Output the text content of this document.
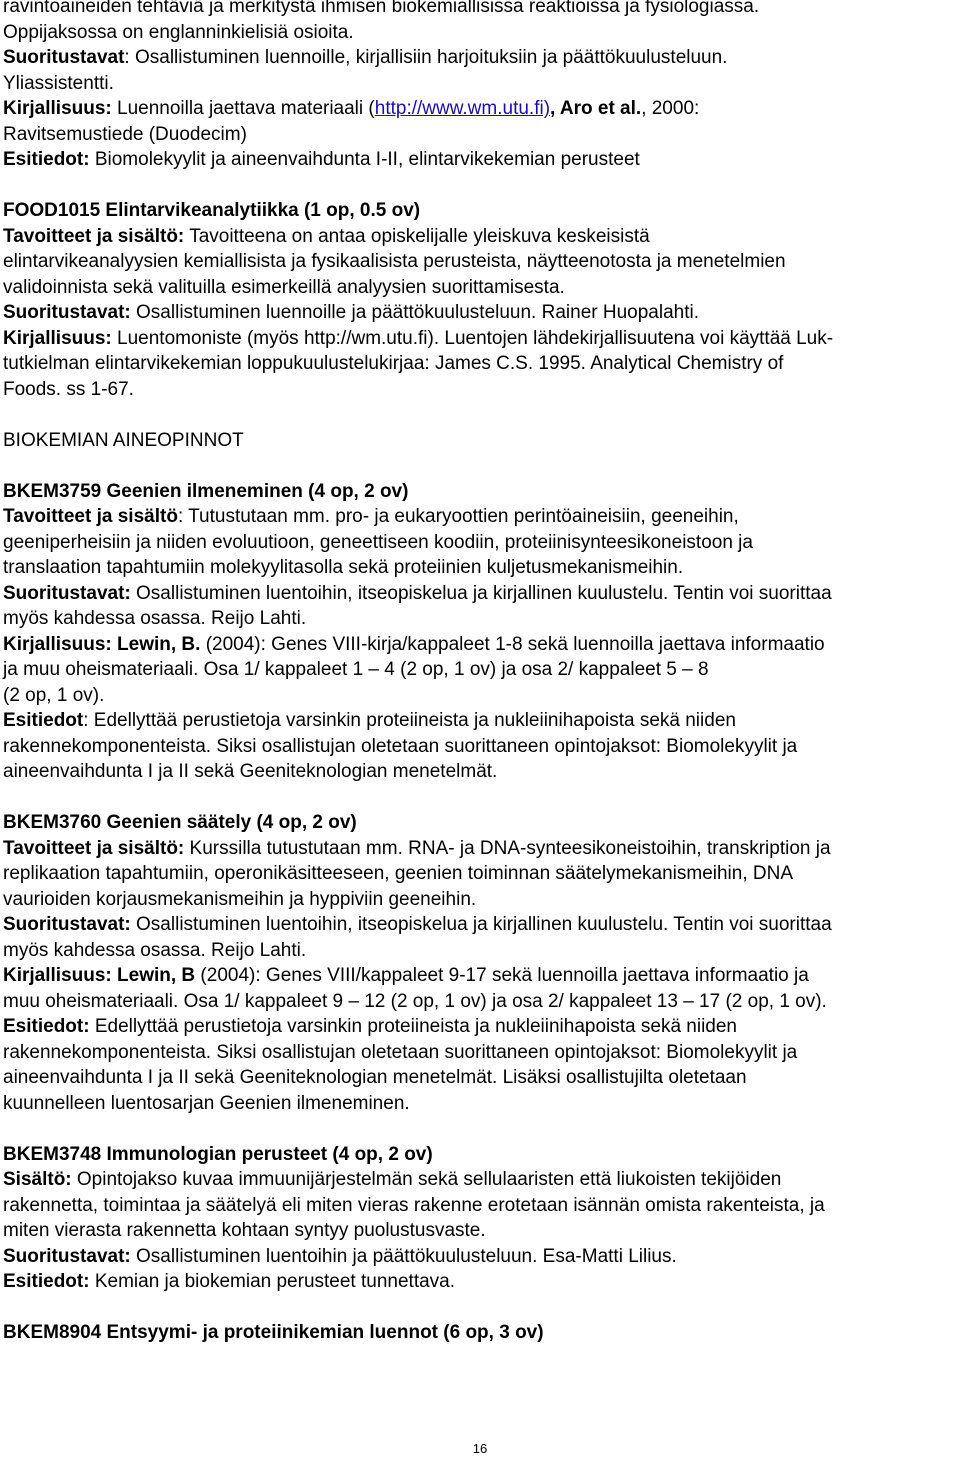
ravintoaineiden tehtäviä ja merkitystä ihmisen biokemiallisissa reaktioissa ja fysiologiassa.

Oppijaksossa on englanninkielisiä osioita.

Suoritustavat: Osallistuminen luennoille, kirjallisiin harjoituksiin ja päättökuulusteluun.

Yliassistentti.

Kirjallisuus: Luennoilla jaettava materiaali (http://www.wm.utu.fi), Aro et al., 2000:

Ravitsemustiede (Duodecim)

Esitiedot: Biomolekyylit ja aineenvaihdunta I-II, elintarvikekemian perusteet

FOOD1015 Elintarvikeanalytiikka (1 op, 0.5 ov)

Tavoitteet ja sisältö: Tavoitteena on antaa opiskelijalle yleiskuva keskeisistä

elintarvikeanalyysien kemiallisista ja fysikaalisista perusteista, näytteenotosta ja menetelmien

validoinnista sekä valituilla esimerkeillä analyysien suorittamisesta.

Suoritustavat: Osallistuminen luennoille ja päättökuulusteluun. Rainer Huopalahti.

Kirjallisuus: Luentomoniste (myös http://wm.utu.fi). Luentojen lähdekirjallisuutena voi käyttää Luk-

tutkielman elintarvikekemian loppukuulustelukirjaa: James C.S. 1995. Analytical Chemistry of

Foods. ss 1-67.

BIOKEMIAN AINEOPINNOT

BKEM3759 Geenien ilmeneminen (4 op, 2 ov)

Tavoitteet ja sisältö: Tutustutaan mm. pro- ja eukaryoottien perintöaineisiin, geeneihin,

geeniperheisiin ja niiden evoluutioon, geneettiseen koodiin, proteiinisynteesikoneistoon ja

translaation tapahtumiin molekyylitasolla sekä proteiinien kuljetusmekanismeihin.

Suoritustavat: Osallistuminen luentoihin, itseopiskelua ja kirjallinen kuulustelu. Tentin voi suorittaa

myös kahdessa osassa. Reijo Lahti.

Kirjallisuus: Lewin, B. (2004): Genes VIII-kirja/kappaleet 1-8 sekä luennoilla jaettava informaatio

ja muu oheismateriaali. Osa 1/ kappaleet 1 – 4 (2 op, 1 ov) ja osa 2/ kappaleet 5 – 8

(2 op, 1 ov).

Esitiedot: Edellyttää perustietoja varsinkin proteiineista ja nukleiinihapoista sekä niiden

rakennekomponenteista. Siksi osallistujan oletetaan suorittaneen opintojaksot: Biomolekyylit ja

aineenvaihdunta I ja II sekä Geeniteknologian menetelmät.

BKEM3760 Geenien säätely (4 op, 2 ov)

Tavoitteet ja sisältö: Kurssilla tutustutaan mm. RNA- ja DNA-synteesikoneistoihin, transkription ja

replikaation tapahtumiin, operonikäsitteeseen, geenien toiminnan säätelymekanismeihin, DNA

vaurioiden korjausmekanismeihin ja hyppiviin geeneihin.

Suoritustavat: Osallistuminen luentoihin, itseopiskelua ja kirjallinen kuulustelu. Tentin voi suorittaa

myös kahdessa osassa. Reijo Lahti.

Kirjallisuus: Lewin, B (2004): Genes VIII/kappaleet 9-17 sekä luennoilla jaettava informaatio ja

muu oheismateriaali. Osa 1/ kappaleet 9 – 12 (2 op, 1 ov) ja osa 2/ kappaleet 13 – 17 (2 op, 1 ov).

Esitiedot: Edellyttää perustietoja varsinkin proteiineista ja nukleiinihapoista sekä niiden

rakennekomponenteista. Siksi osallistujan oletetaan suorittaneen opintojaksot: Biomolekyylit ja

aineenvaihdunta I ja II sekä Geeniteknologian menetelmät. Lisäksi osallistujilta oletetaan

kuunnelleen luentosarjan Geenien ilmeneminen.

BKEM3748 Immunologian perusteet (4 op, 2 ov)

Sisältö: Opintojakso kuvaa immuunijärjestelmän sekä sellulaaristen että liukoisten tekijöiden

rakennetta, toimintaa ja säätelyä eli miten vieras rakenne erotetaan isännän omista rakenteista, ja

miten vierasta rakennetta kohtaan syntyy puolustusvaste.

Suoritustavat: Osallistuminen luentoihin ja päättökuulusteluun. Esa-Matti Lilius.

Esitiedot: Kemian ja biokemian perusteet tunnettava.

BKEM8904 Entsyymi- ja proteiinikemian luennot (6 op, 3 ov)

16
